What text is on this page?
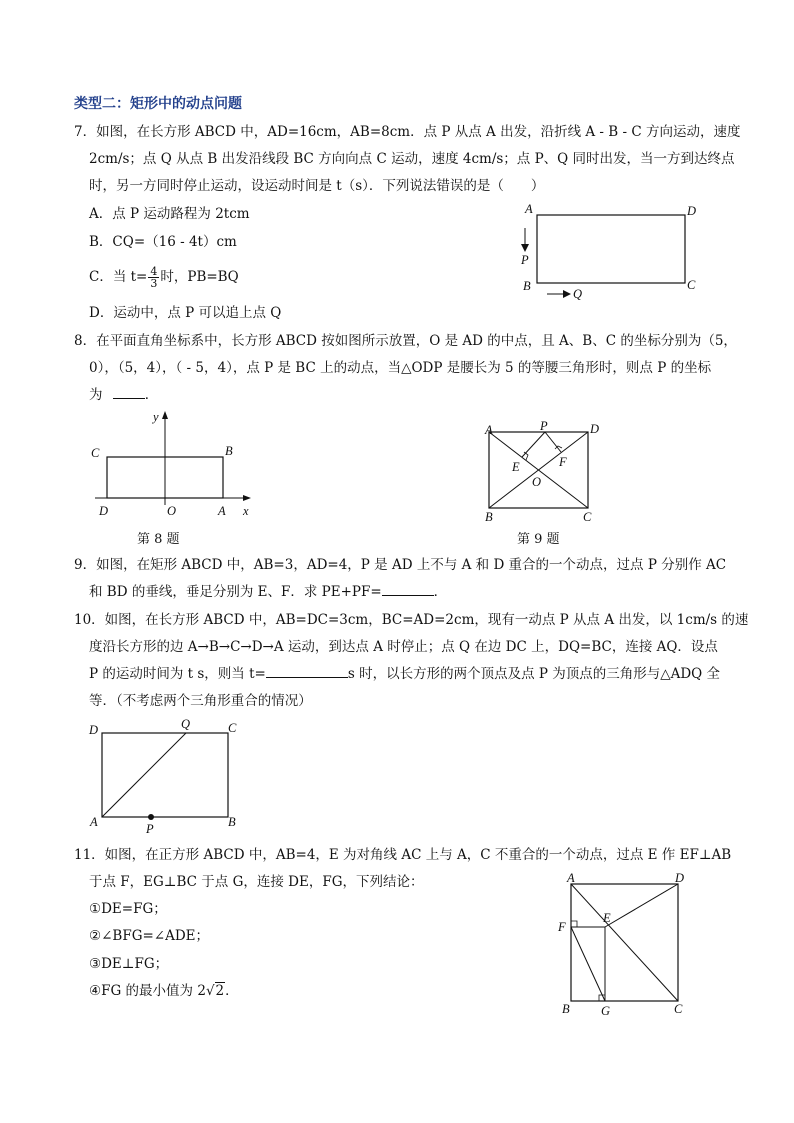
类型二：矩形中的动点问题
7．如图，在长方形 ABCD 中，AD=16cm，AB=8cm．点 P 从点 A 出发，沿折线 A - B - C 方向运动，速度
2cm/s；点 Q 从点 B 出发沿线段 BC 方向向点 C 运动，速度 4cm/s；点 P、Q 同时出发，当一方到达终点
时，另一方同时停止运动，设运动时间是 t（s）．下列说法错误的是（　　）
A．点 P 运动路程为 2tcm
B．CQ=（16 - 4t）cm
C．当 $t= \frac{4}{3}$ 时，PB=BQ
D．运动中，点 P 可以追上点 Q
A	D
P
B
Q
C
8．在平面直角坐标系中，长方形 ABCD 按如图所示放置，O 是 AD 的中点，且 A、B、C 的坐标分别为（5，
0），（5，4），（ - 5，4），点 P 是 BC 上的动点，当△ODP 是腰长为 5 的等腰三角形时，则点 P 的坐标
为	．
y
C	B
D	O	A x
第 8 题
A	P	D
E	F
O
B	C
第 9 题
9．如图，在矩形 ABCD 中，AB=3，AD=4，P 是 AD 上不与 A 和 D 重合的一个动点，过点 P 分别作 AC
和 BD 的垂线，垂足分别为 E、F．求 PE+PF=	．
10．如图，在长方形 ABCD 中，AB=DC=3cm，BC=AD=2cm，现有一动点 P 从点 A 出发，以 1cm/s 的速
度沿长方形的边 A→B→C→D→A 运动，到达点 A 时停止；点 Q 在边 DC 上，DQ=BC，连接 AQ．设点
P 的运动时间为 t s，则当 t=	s 时，以长方形的两个顶点及点 P 为顶点的三角形与△ADQ 全
等．（不考虑两个三角形重合的情况）
D	Q	C
A	P	B
11．如图，在正方形 ABCD 中，AB=4，E 为对角线 AC 上与 A，C 不重合的一个动点，过点 E 作 EF⊥AB
于点 F，EG⊥BC 于点 G，连接 DE，FG，下列结论：
①DE=FG；
②∠BFG=∠ADE；
③DE⊥FG；
④FG 的最小值为 2√2．
A	D
F
E
B	G	C
